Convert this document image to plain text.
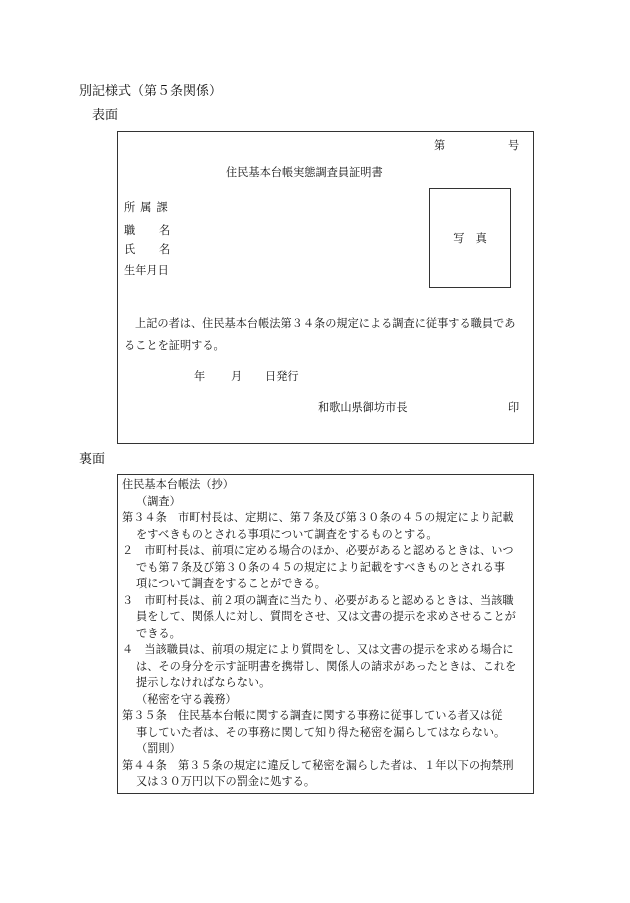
別記様式（第５条関係）
表面
第	号
住民基本台帳実態調査員証明書
所属課
職 名
氏 名
生年月日
写　真
上記の者は、住民基本台帳法第３４条の規定による調査に従事する職員であ
ることを証明する。
年 月 日発行
和歌山県御坊市長	印
裏面
住民基本台帳法（抄）
（調査）
第３４条　市町村長は、定期に、第７条及び第３０条の４５の規定により記載
をすべきものとされる事項について調査をするものとする。
２　市町村長は、前項に定める場合のほか、必要があると認めるときは、いつ
でも第７条及び第３０条の４５の規定により記載をすべきものとされる事
項について調査をすることができる。
３　市町村長は、前２項の調査に当たり、必要があると認めるときは、当該職
員をして、関係人に対し、質問をさせ、又は文書の提示を求めさせることが
できる。
４　当該職員は、前項の規定により質問をし、又は文書の提示を求める場合に
は、その身分を示す証明書を携帯し、関係人の請求があったときは、これを
提示しなければならない。
（秘密を守る義務）
第３５条　住民基本台帳に関する調査に関する事務に従事している者又は従
事していた者は、その事務に関して知り得た秘密を漏らしてはならない。
（罰則）
第４４条　第３５条の規定に違反して秘密を漏らした者は、１年以下の拘禁刑
又は３０万円以下の罰金に処する。
